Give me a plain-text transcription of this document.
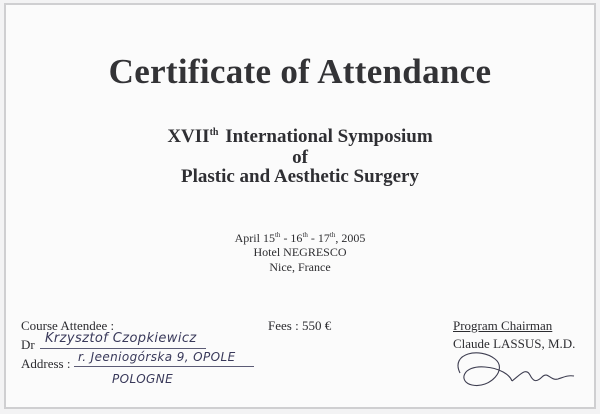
Certificate of Attendance
XVIIth International Symposium
of
Plastic and Aesthetic Surgery
April 15th - 16th - 17th, 2005
Hotel NEGRESCO
Nice, France
Course Attendee :
Dr Krzysztof Czopkiewicz
Address : r. Jeeniogórska 9, OPOLE
POLOGNE
Fees : 550 €	Program Chairman
Claude LASSUS, M.D.
